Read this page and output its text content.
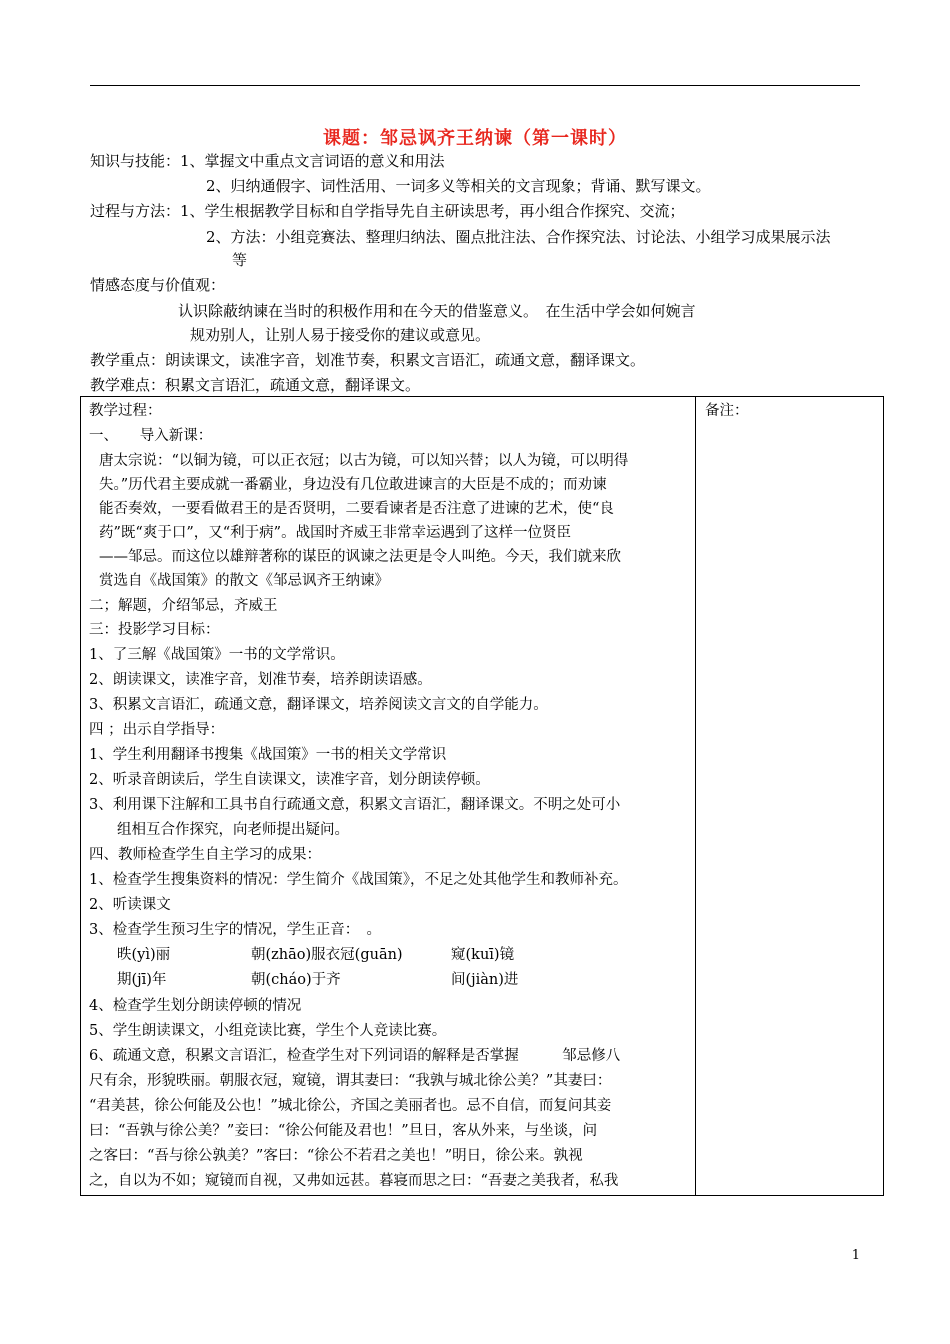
课题：邹忌讽齐王纳谏（第一课时）
知识与技能：1、掌握文中重点文言词语的意义和用法
2、归纳通假字、词性活用、一词多义等相关的文言现象；背诵、默写课文。
过程与方法：1、学生根据教学目标和自学指导先自主研读思考，再小组合作探究、交流；
2、方法：小组竞赛法、整理归纳法、圈点批注法、合作探究法、讨论法、小组学习成果展示法
等
情感态度与价值观：
认识除蔽纳谏在当时的积极作用和在今天的借鉴意义。　在生活中学会如何婉言
规劝别人，让别人易于接受你的建议或意见。
教学重点：朗读课文，读准字音，划准节奏，积累文言语汇，疏通文意，翻译课文。
教学难点：积累文言语汇，疏通文意，翻译课文。
备注：
教学过程：
一、　　导入新课：
唐太宗说：“以铜为镜，可以正衣冠；以古为镜，可以知兴替；以人为镜，可以明得
失。”历代君主要成就一番霸业，身边没有几位敢进谏言的大臣是不成的；而劝谏
能否奏效，一要看做君王的是否贤明，二要看谏者是否注意了进谏的艺术，使“良
药”既“爽于口”，又“利于病”。战国时齐威王非常幸运遇到了这样一位贤臣
——邹忌。而这位以雄辩著称的谋臣的讽谏之法更是令人叫绝。今天，我们就来欣
赏选自《战国策》的散文《邹忌讽齐王纳谏》
二；解题，介绍邹忌，齐威王
三：投影学习目标：
1、了三解《战国策》一书的文学常识。
2、朗读课文，读准字音，划准节奏，培养朗读语感。
3、积累文言语汇，疏通文意，翻译课文，培养阅读文言文的自学能力。
四 ；出示自学指导：
1、学生利用翻译书搜集《战国策》一书的相关文学常识
2、听录音朗读后，学生自读课文，读准字音，划分朗读停顿。
3、利用课下注解和工具书自行疏通文意，积累文言语汇，翻译课文。不明之处可小
组相互合作探究，向老师提出疑问。
四、教师检查学生自主学习的成果：
1、检查学生搜集资料的情况：学生简介《战国策》，不足之处其他学生和教师补充。
2、听读课文
3、检查学生预习生字的情况，学生正音：　。
昳(yì)丽	朝(zhāo)服衣冠(guān)	窥(kuī)镜
期(jī)年	朝(cháo)于齐	间(jiàn)进
4、检查学生划分朗读停顿的情况
5、学生朗读课文，小组竞读比赛，学生个人竞读比赛。
6、疏通文意，积累文言语汇，检查学生对下列词语的解释是否掌握　　　邹忌修八
尺有余，形貌昳丽。朝服衣冠，窥镜，谓其妻曰：“我孰与城北徐公美？”其妻曰：
“君美甚，徐公何能及公也！”城北徐公，齐国之美丽者也。忌不自信，而复问其妾
曰：“吾孰与徐公美？”妾曰：“徐公何能及君也！”旦日，客从外来，与坐谈，问
之客曰：“吾与徐公孰美？”客曰：“徐公不若君之美也！”明日，徐公来。孰视
之，自以为不如；窥镜而自视，又弗如远甚。暮寝而思之曰：“吾妻之美我者，私我
1
